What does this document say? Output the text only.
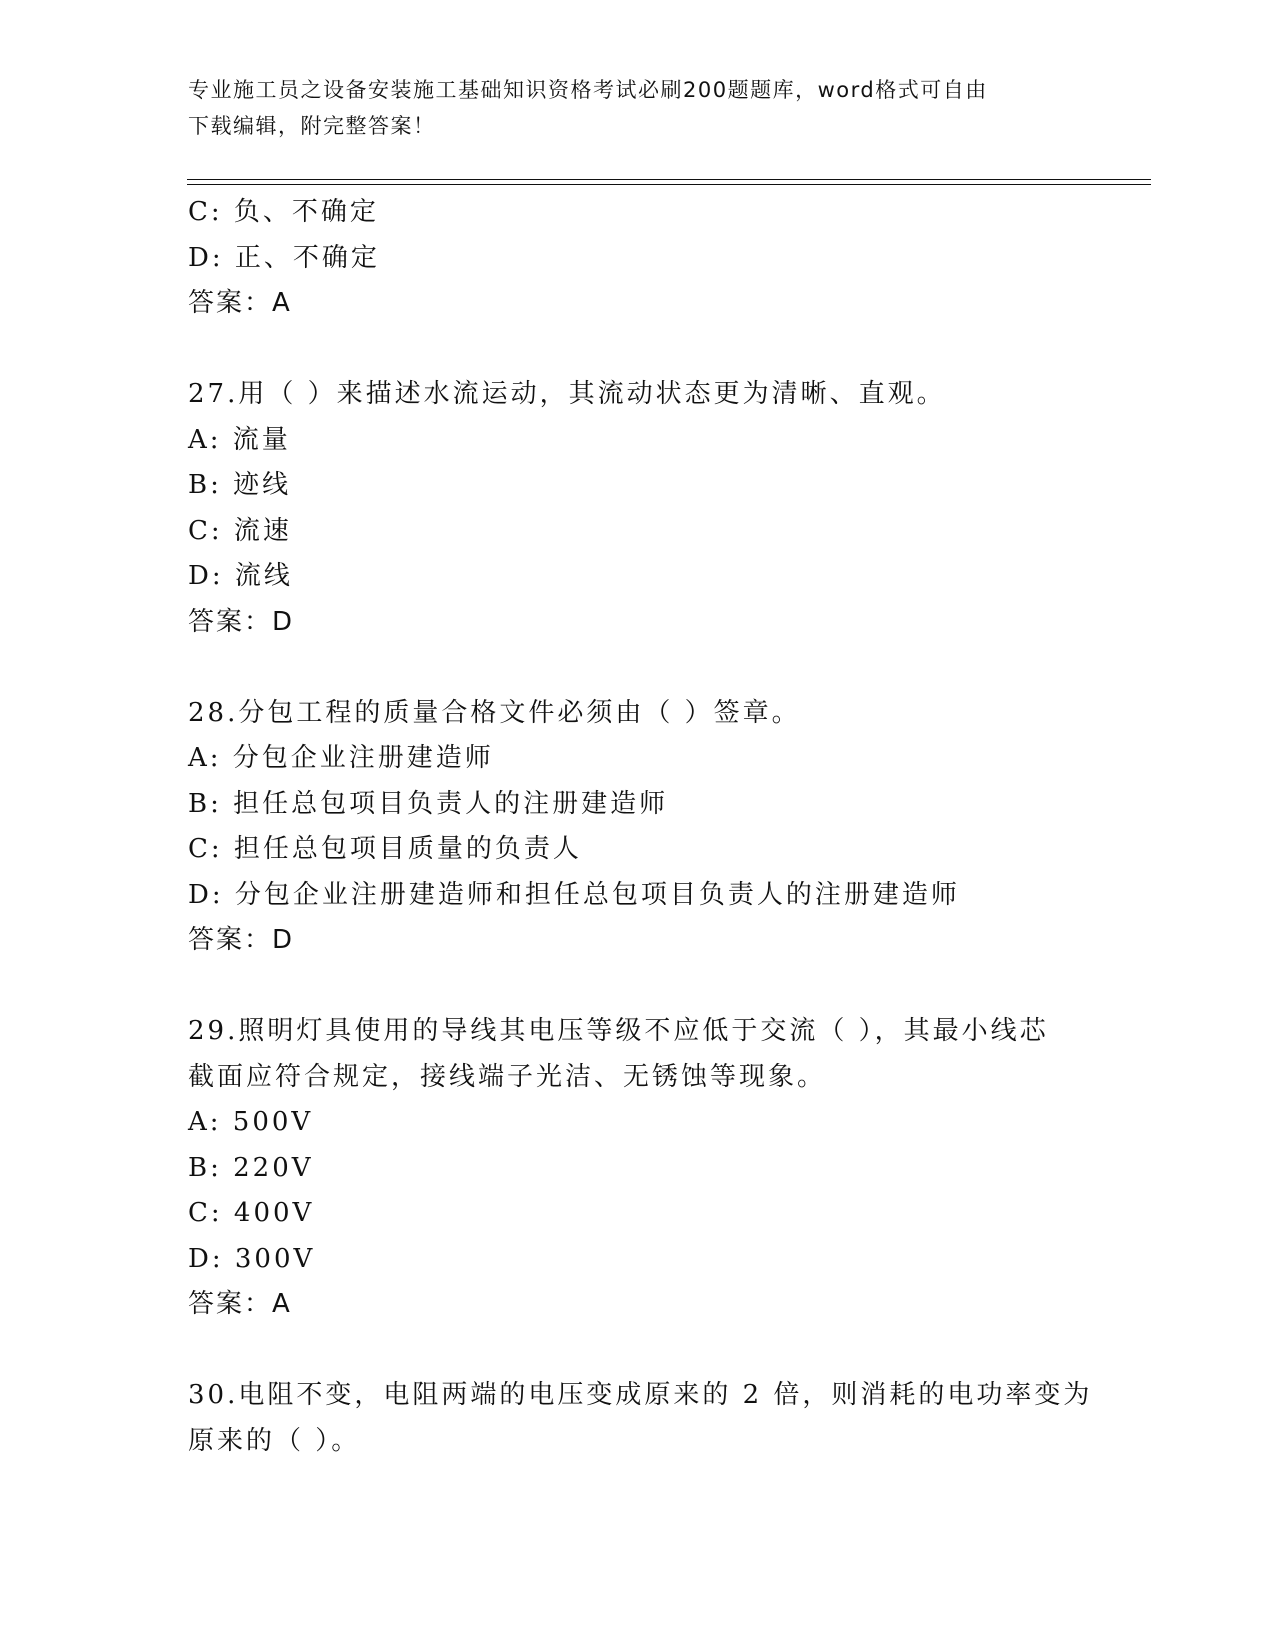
专业施工员之设备安装施工基础知识资格考试必刷200题题库，word格式可自由
下载编辑，附完整答案！
C: 负、不确定
D: 正、不确定
答案：A
27.用（ ）来描述水流运动，其流动状态更为清晰、直观。
A: 流量
B: 迹线
C: 流速
D: 流线
答案：D
28.分包工程的质量合格文件必须由（ ）签章。
A: 分包企业注册建造师
B: 担任总包项目负责人的注册建造师
C: 担任总包项目质量的负责人
D: 分包企业注册建造师和担任总包项目负责人的注册建造师
答案：D
29.照明灯具使用的导线其电压等级不应低于交流（ ），其最小线芯
截面应符合规定，接线端子光洁、无锈蚀等现象。
A: 500V
B: 220V
C: 400V
D: 300V
答案：A
30.电阻不变，电阻两端的电压变成原来的 2 倍，则消耗的电功率变为
原来的（ ）。
